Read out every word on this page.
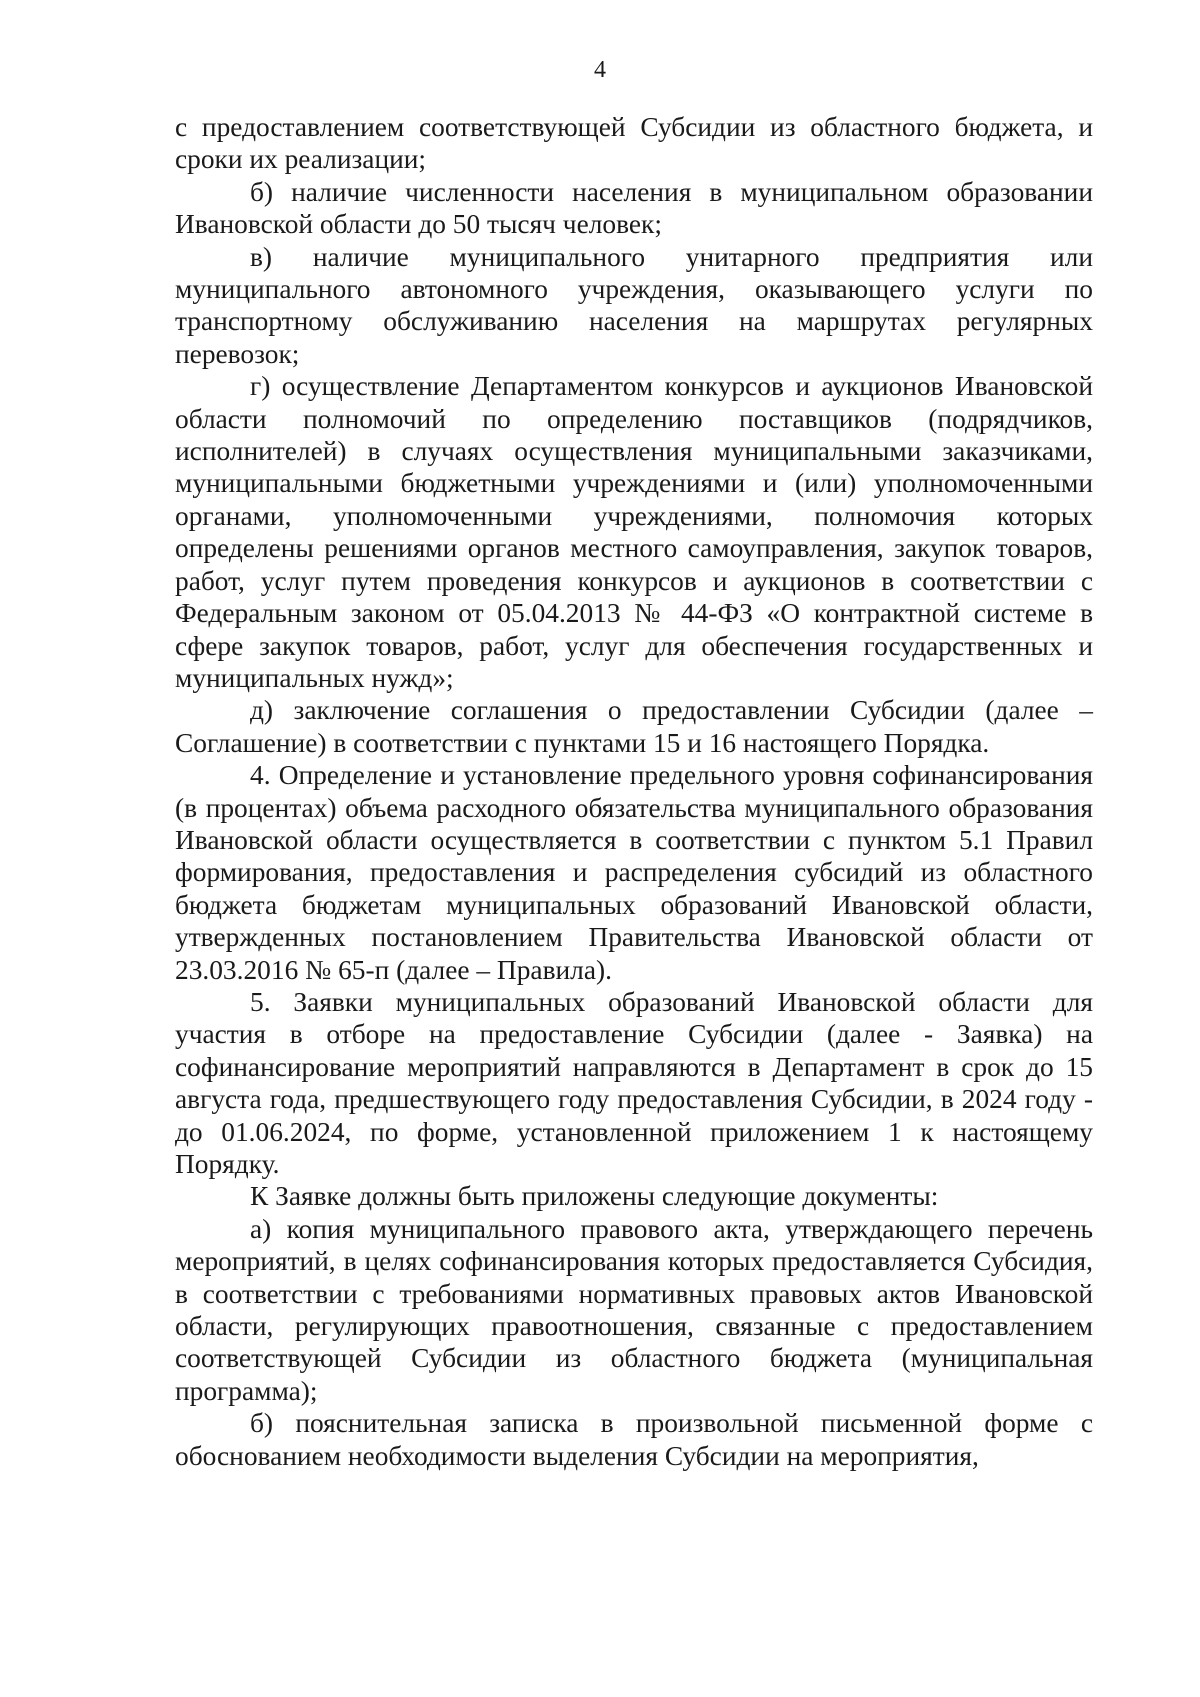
4

с предоставлением соответствующей Субсидии из областного бюджета, и сроки их реализации;

б) наличие численности населения в муниципальном образовании Ивановской области до 50 тысяч человек;

в) наличие муниципального унитарного предприятия или муниципального автономного учреждения, оказывающего услуги по транспортному обслуживанию населения на маршрутах регулярных перевозок;

г) осуществление Департаментом конкурсов и аукционов Ивановской области полномочий по определению поставщиков (подрядчиков, исполнителей) в случаях осуществления муниципальными заказчиками, муниципальными бюджетными учреждениями и (или) уполномоченными органами, уполномоченными учреждениями, полномочия которых определены решениями органов местного самоуправления, закупок товаров, работ, услуг путем проведения конкурсов и аукционов в соответствии с Федеральным законом от 05.04.2013 № 44-ФЗ «О контрактной системе в сфере закупок товаров, работ, услуг для обеспечения государственных и муниципальных нужд»;

д) заключение соглашения о предоставлении Субсидии (далее – Соглашение) в соответствии с пунктами 15 и 16 настоящего Порядка.

4. Определение и установление предельного уровня софинансирования (в процентах) объема расходного обязательства муниципального образования Ивановской области осуществляется в соответствии с пунктом 5.1 Правил формирования, предоставления и распределения субсидий из областного бюджета бюджетам муниципальных образований Ивановской области, утвержденных постановлением Правительства Ивановской области от 23.03.2016 № 65-п (далее – Правила).

5. Заявки муниципальных образований Ивановской области для участия в отборе на предоставление Субсидии (далее - Заявка) на софинансирование мероприятий направляются в Департамент в срок до 15 августа года, предшествующего году предоставления Субсидии, в 2024 году - до 01.06.2024, по форме, установленной приложением 1 к настоящему Порядку.

К Заявке должны быть приложены следующие документы:

а) копия муниципального правового акта, утверждающего перечень мероприятий, в целях софинансирования которых предоставляется Субсидия, в соответствии с требованиями нормативных правовых актов Ивановской области, регулирующих правоотношения, связанные с предоставлением соответствующей Субсидии из областного бюджета (муниципальная программа);

б) пояснительная записка в произвольной письменной форме с обоснованием необходимости выделения Субсидии на мероприятия,
